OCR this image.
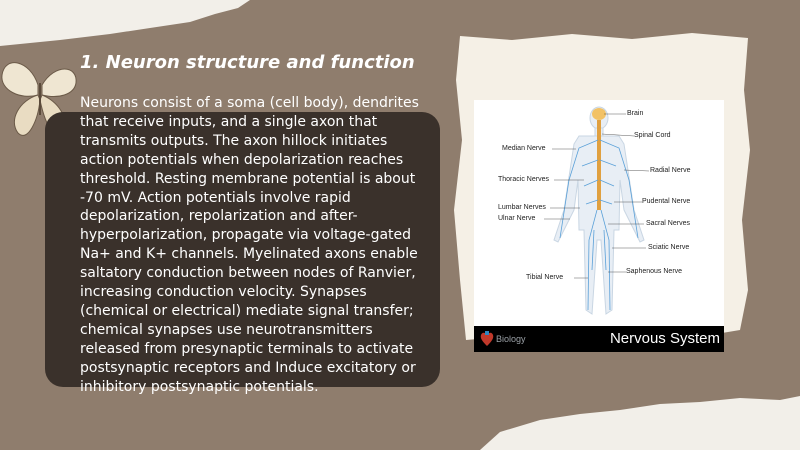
1. Neuron structure and function

Neurons consist of a soma (cell body), dendrites that receive inputs, and a single axon that transmits outputs. The axon hillock initiates action potentials when depolarization reaches threshold. Resting membrane potential is about -70 mV. Action potentials involve rapid depolarization, repolarization and after-hyperpolarization, propagate via voltage-gated Na+ and K+ channels. Myelinated axons enable saltatory conduction between nodes of Ranvier, increasing conduction velocity. Synapses (chemical or electrical) mediate signal transfer; chemical synapses use neurotransmitters released from presynaptic terminals to activate postsynaptic receptors and Induce excitatory or inhibitory postsynaptic potentials.

Brain
Spinal Cord
Median Nerve
Radial Nerve
Thoracic Nerves
Pudental Nerve
Lumbar Nerves
Ulnar Nerve
Sacral Nerves
Sciatic Nerve
Saphenous Nerve
Tibial Nerve
Biology	Nervous System
